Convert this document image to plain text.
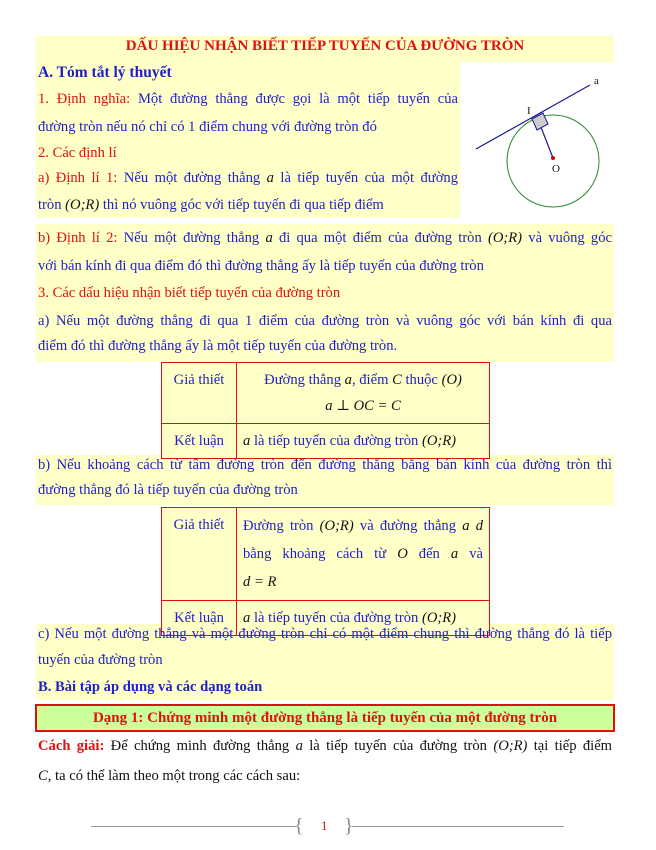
DẤU HIỆU NHẬN BIẾT TIẾP TUYẾN CỦA ĐƯỜNG TRÒN
A. Tóm tắt lý thuyết
1. Định nghĩa: Một đường thẳng được gọi là một tiếp tuyến của
đường tròn nếu nó chỉ có 1 điểm chung với đường tròn đó
2. Các định lí
a) Định lí 1: Nếu một đường thẳng a là tiếp tuyến của một đường
tròn (O;R) thì nó vuông góc với tiếp tuyến đi qua tiếp điểm
b) Định lí 2: Nếu một đường thẳng a đi qua một điểm của đường tròn (O;R) và vuông góc
với bán kính đi qua điểm đó thì đường thẳng ấy là tiếp tuyến của đường tròn
3. Các dấu hiệu nhận biết tiếp tuyến của đường tròn
a) Nếu một đường thẳng đi qua 1 điểm của đường tròn và vuông góc với bán kính đi qua
điểm đó thì đường thẳng ấy là một tiếp tuyến của đường tròn.
Giả thiết	Đường thẳng a, điểm C thuộc (O)
a ⊥ OC = C
Kết luận	a là tiếp tuyến của đường tròn (O;R)
b) Nếu khoảng cách từ tâm đường tròn đến đường thẳng bằng bán kính của đường tròn thì
đường thẳng đó là tiếp tuyến của đường tròn
Giả thiết	Đường tròn (O;R) và đường thẳng a d bằng khoảng cách từ O đến a và
d = R
Kết luận	a là tiếp tuyến của đường tròn (O;R)
c) Nếu một đường thẳng và một đường tròn chỉ có một điểm chung thì đường thẳng đó là tiếp
tuyến của đường tròn
B. Bài tập áp dụng và các dạng toán
Dạng 1: Chứng minh một đường thẳng là tiếp tuyến của một đường tròn
Cách giải: Để chứng minh đường thẳng a là tiếp tuyến của đường tròn (O;R) tại tiếp điểm
C, ta có thể làm theo một trong các cách sau:
a
I
O
{ }
1
